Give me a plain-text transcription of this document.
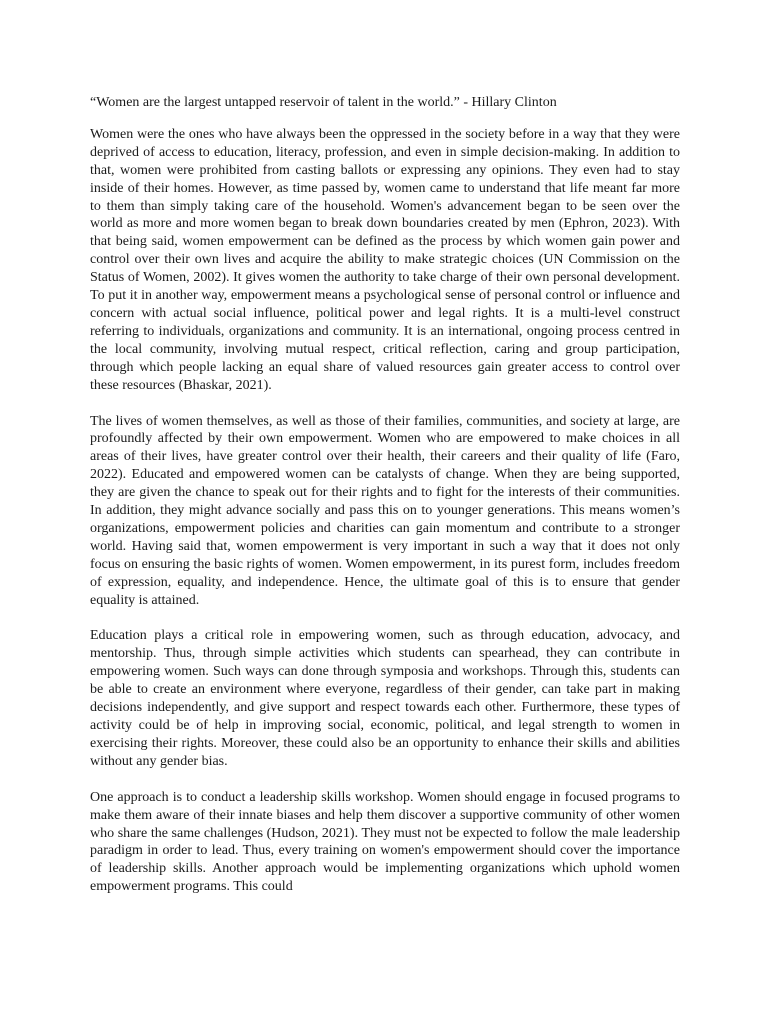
“Women are the largest untapped reservoir of talent in the world.” - Hillary Clinton

Women were the ones who have always been the oppressed in the society before in a way that they were deprived of access to education, literacy, profession, and even in simple decision-making. In addition to that, women were prohibited from casting ballots or expressing any opinions. They even had to stay inside of their homes. However, as time passed by, women came to understand that life meant far more to them than simply taking care of the household. Women's advancement began to be seen over the world as more and more women began to break down boundaries created by men (Ephron, 2023). With that being said, women empowerment can be defined as the process by which women gain power and control over their own lives and acquire the ability to make strategic choices (UN Commission on the Status of Women, 2002). It gives women the authority to take charge of their own personal development. To put it in another way, empowerment means a psychological sense of personal control or influence and concern with actual social influence, political power and legal rights. It is a multi-level construct referring to individuals, organizations and community. It is an international, ongoing process centred in the local community, involving mutual respect, critical reflection, caring and group participation, through which people lacking an equal share of valued resources gain greater access to control over these resources (Bhaskar, 2021).

The lives of women themselves, as well as those of their families, communities, and society at large, are profoundly affected by their own empowerment. Women who are empowered to make choices in all areas of their lives, have greater control over their health, their careers and their quality of life (Faro, 2022). Educated and empowered women can be catalysts of change. When they are being supported, they are given the chance to speak out for their rights and to fight for the interests of their communities. In addition, they might advance socially and pass this on to younger generations. This means women’s organizations, empowerment policies and charities can gain momentum and contribute to a stronger world. Having said that, women empowerment is very important in such a way that it does not only focus on ensuring the basic rights of women. Women empowerment, in its purest form, includes freedom of expression, equality, and independence. Hence, the ultimate goal of this is to ensure that gender equality is attained.

Education plays a critical role in empowering women, such as through education, advocacy, and mentorship. Thus, through simple activities which students can spearhead, they can contribute in empowering women. Such ways can done through symposia and workshops. Through this, students can be able to create an environment where everyone, regardless of their gender, can take part in making decisions independently, and give support and respect towards each other. Furthermore, these types of activity could be of help in improving social, economic, political, and legal strength to women in exercising their rights. Moreover, these could also be an opportunity to enhance their skills and abilities without any gender bias.

One approach is to conduct a leadership skills workshop. Women should engage in focused programs to make them aware of their innate biases and help them discover a supportive community of other women who share the same challenges (Hudson, 2021). They must not be expected to follow the male leadership paradigm in order to lead. Thus, every training on women's empowerment should cover the importance of leadership skills. Another approach would be implementing organizations which uphold women empowerment programs. This could
